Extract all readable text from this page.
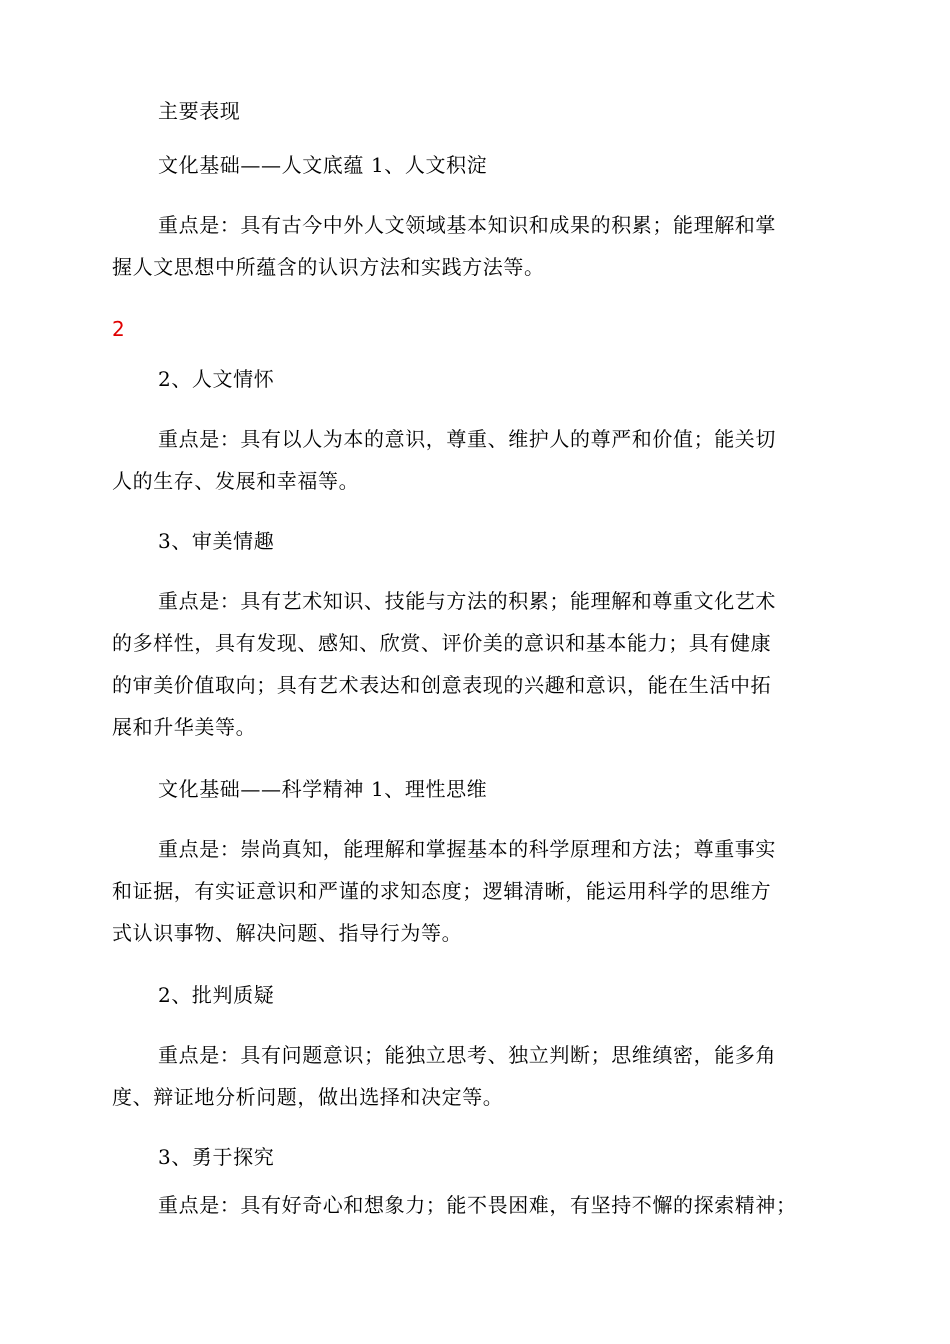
主要表现
文化基础——人文底蕴 1、人文积淀
重点是：具有古今中外人文领域基本知识和成果的积累；能理解和掌
握人文思想中所蕴含的认识方法和实践方法等。
2
2、人文情怀
重点是：具有以人为本的意识，尊重、维护人的尊严和价值；能关切
人的生存、发展和幸福等。
3、审美情趣
重点是：具有艺术知识、技能与方法的积累；能理解和尊重文化艺术
的多样性，具有发现、感知、欣赏、评价美的意识和基本能力；具有健康
的审美价值取向；具有艺术表达和创意表现的兴趣和意识，能在生活中拓
展和升华美等。
文化基础——科学精神 1、理性思维
重点是：崇尚真知，能理解和掌握基本的科学原理和方法；尊重事实
和证据，有实证意识和严谨的求知态度；逻辑清晰，能运用科学的思维方
式认识事物、解决问题、指导行为等。
2、批判质疑
重点是：具有问题意识；能独立思考、独立判断；思维缜密，能多角
度、辩证地分析问题，做出选择和决定等。
3、勇于探究
重点是：具有好奇心和想象力；能不畏困难，有坚持不懈的探索精神；
